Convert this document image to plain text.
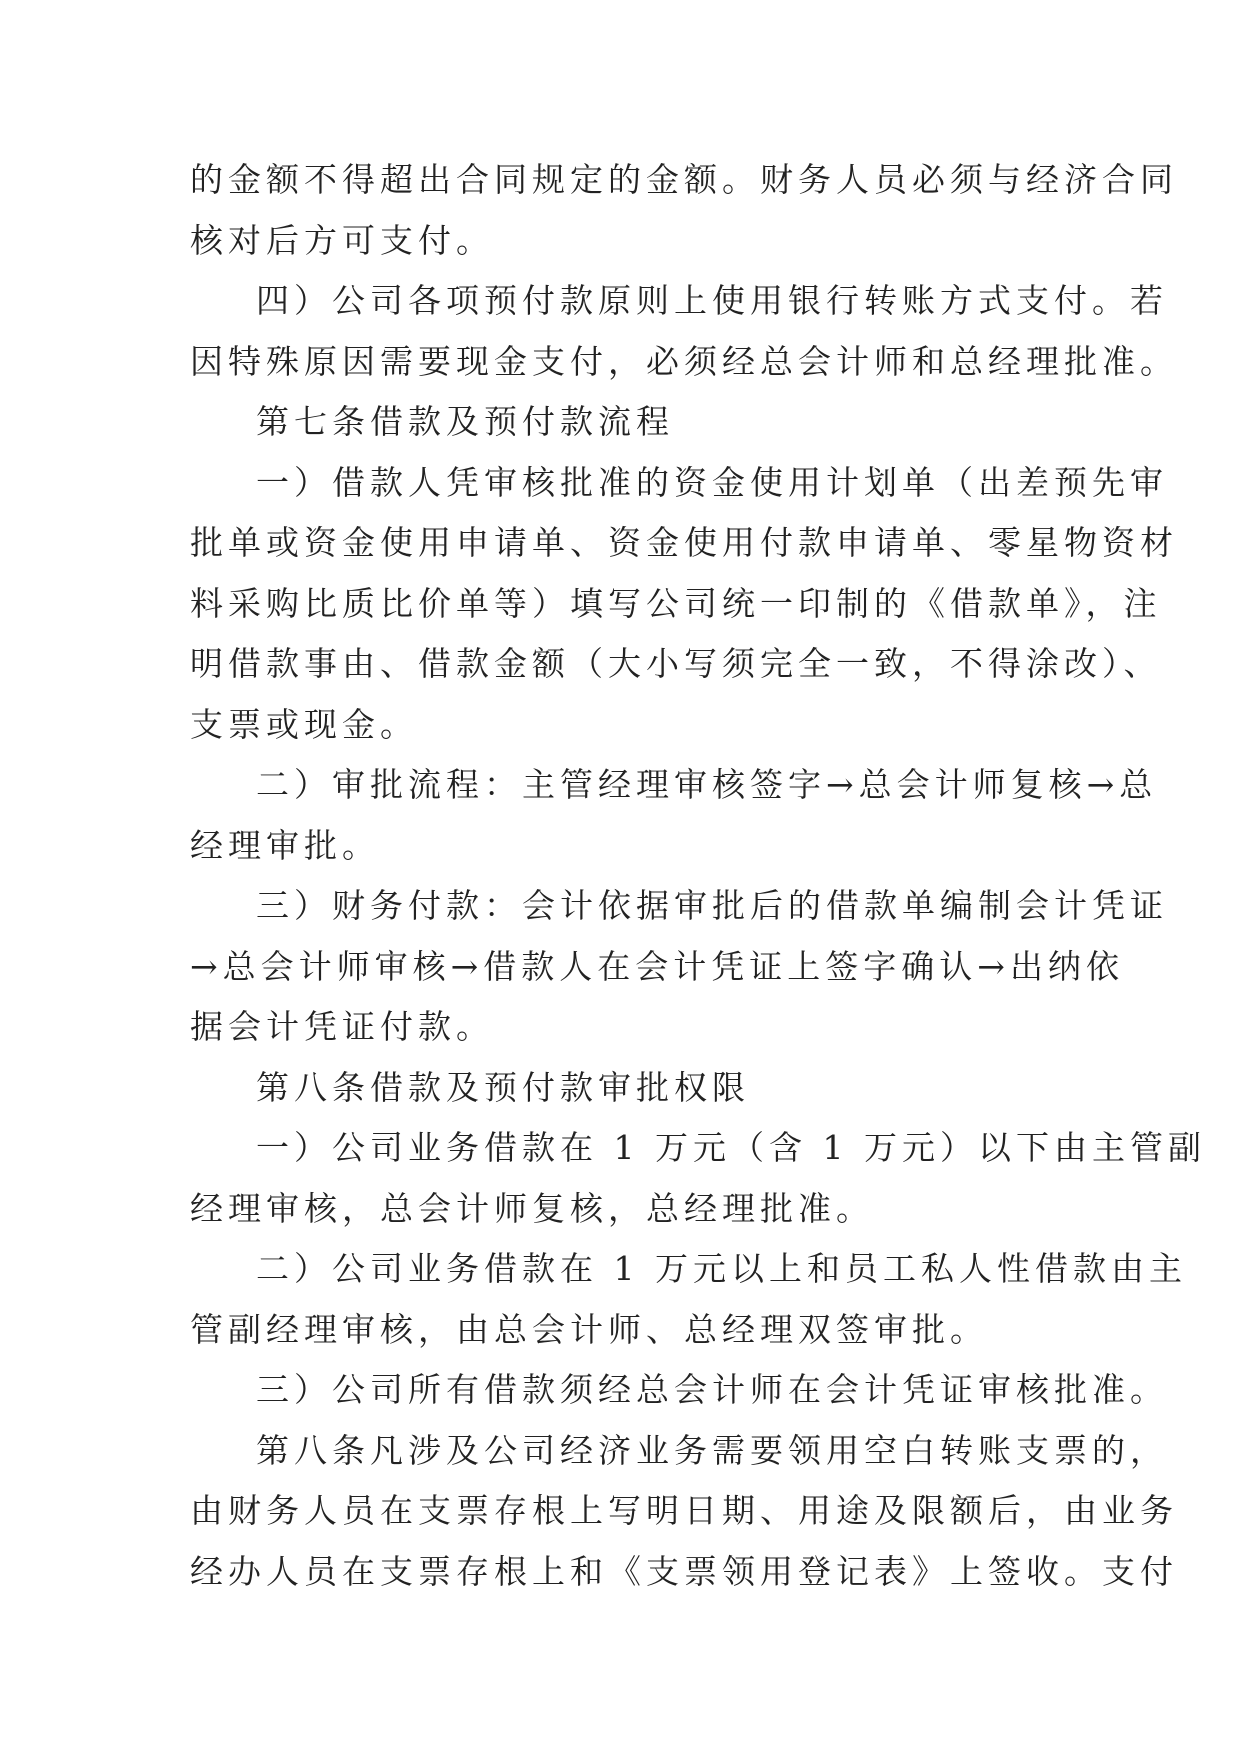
的金额不得超出合同规定的金额。财务人员必须与经济合同
核对后方可支付。
四）公司各项预付款原则上使用银行转账方式支付。若
因特殊原因需要现金支付，必须经总会计师和总经理批准。
第七条借款及预付款流程
一）借款人凭审核批准的资金使用计划单（出差预先审
批单或资金使用申请单、资金使用付款申请单、零星物资材
料采购比质比价单等）填写公司统一印制的《借款单》，注
明借款事由、借款金额（大小写须完全一致，不得涂改）、
支票或现金。
二）审批流程：主管经理审核签字→总会计师复核→总
经理审批。
三）财务付款：会计依据审批后的借款单编制会计凭证
→总会计师审核→借款人在会计凭证上签字确认→出纳依
据会计凭证付款。
第八条借款及预付款审批权限
一）公司业务借款在 1 万元（含 1 万元）以下由主管副
经理审核，总会计师复核，总经理批准。
二）公司业务借款在 1 万元以上和员工私人性借款由主
管副经理审核，由总会计师、总经理双签审批。
三）公司所有借款须经总会计师在会计凭证审核批准。
第八条凡涉及公司经济业务需要领用空白转账支票的，
由财务人员在支票存根上写明日期、用途及限额后，由业务
经办人员在支票存根上和《支票领用登记表》上签收。支付
